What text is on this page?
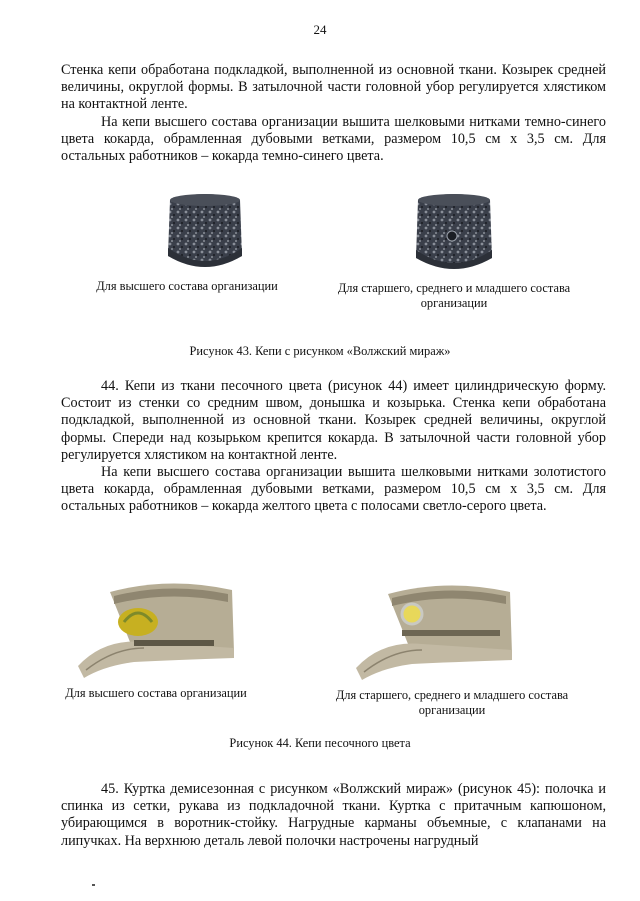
24

Стенка кепи обработана подкладкой, выполненной из основной ткани. Козырек средней величины, округлой формы. В затылочной части головной убор регулируется хлястиком на контактной ленте.

На кепи высшего состава организации вышита шелковыми нитками темно-синего цвета кокарда, обрамленная дубовыми ветками, размером 10,5 см х 3,5 см. Для остальных работников – кокарда темно-синего цвета.

Для высшего состава организации	Для старшего, среднего и младшего состава организации
Рисунок 43. Кепи с рисунком «Волжский мираж»

44. Кепи из ткани песочного цвета (рисунок 44) имеет цилиндрическую форму. Состоит из стенки со средним швом, донышка и козырька. Стенка кепи обработана подкладкой, выполненной из основной ткани. Козырек средней величины, округлой формы. Спереди над козырьком крепится кокарда. В затылочной части головной убор регулируется хлястиком на контактной ленте.

На кепи высшего состава организации вышита шелковыми нитками золотистого цвета кокарда, обрамленная дубовыми ветками, размером 10,5 см х 3,5 см. Для остальных работников – кокарда желтого цвета с полосами светло-серого цвета.

Для высшего состава организации	Для старшего, среднего и младшего состава организации
Рисунок 44. Кепи песочного цвета

45. Куртка демисезонная с рисунком «Волжский мираж» (рисунок 45): полочка и спинка из сетки, рукава из подкладочной ткани. Куртка с притачным капюшоном, убирающимся в воротник-стойку. Нагрудные карманы объемные, с клапанами на липучках. На верхнюю деталь левой полочки настрочены нагрудный
